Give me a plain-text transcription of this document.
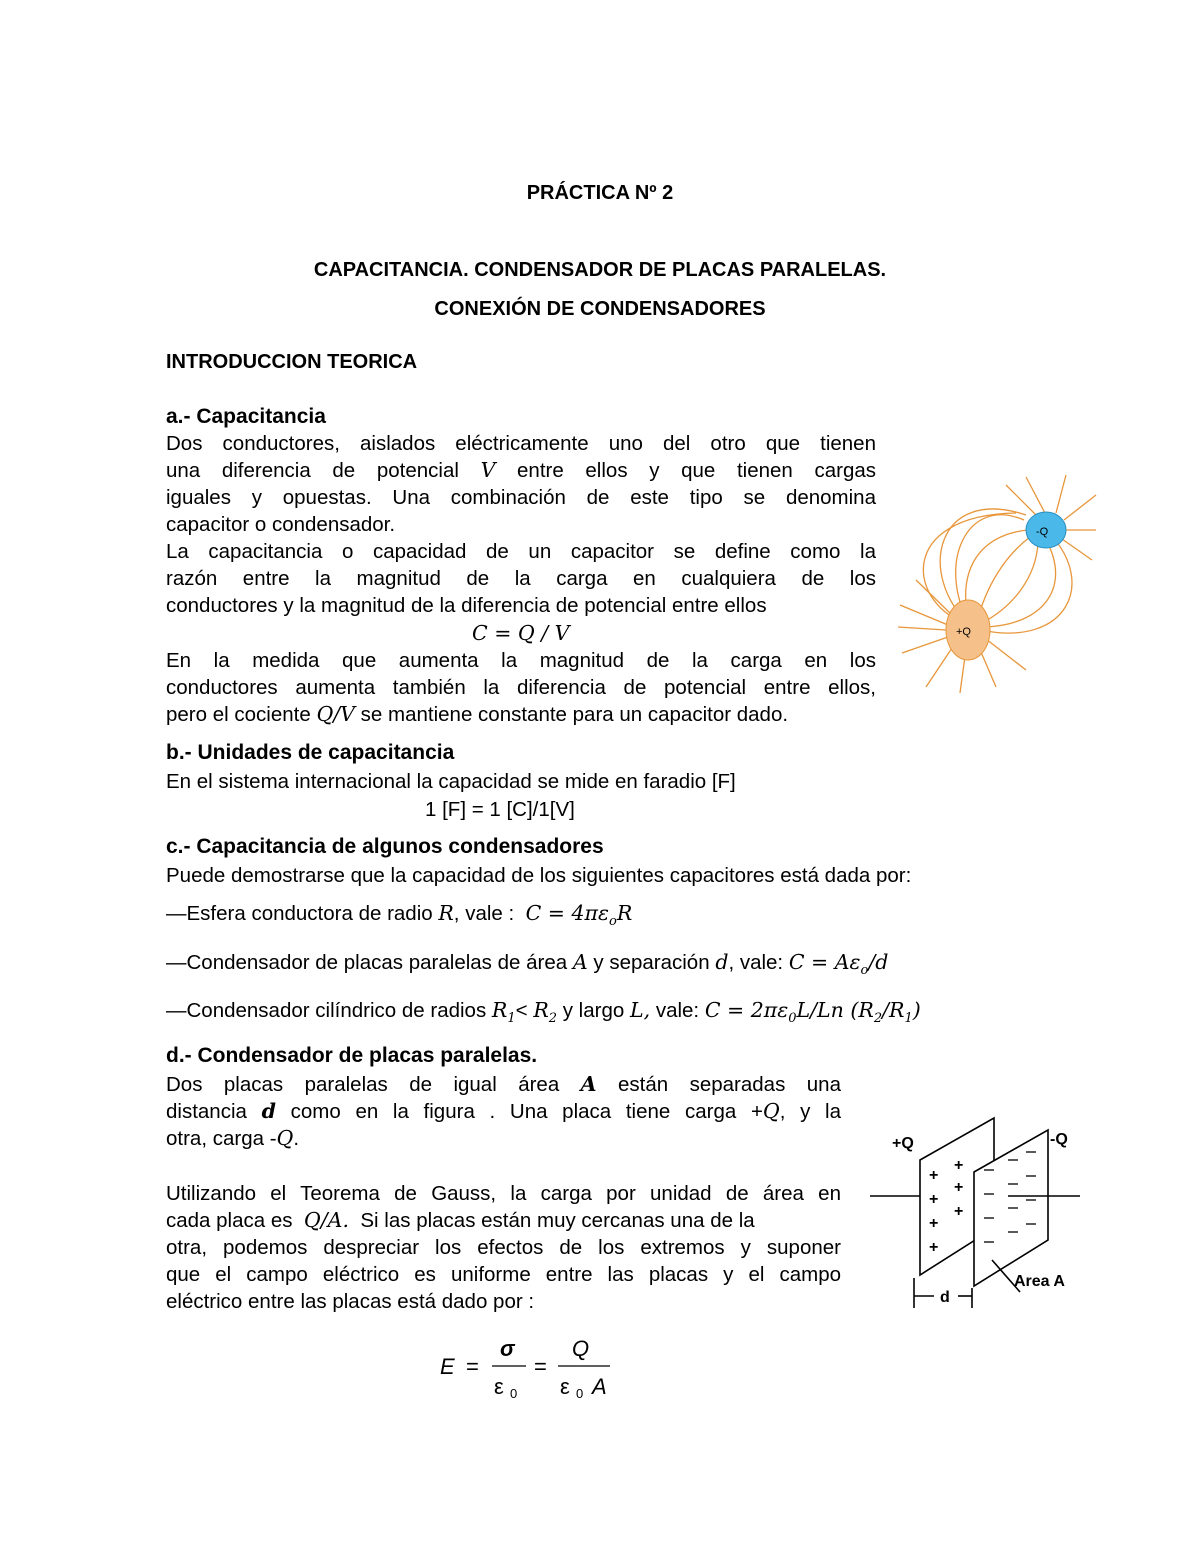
PRÁCTICA Nº 2
CAPACITANCIA. CONDENSADOR DE PLACAS PARALELAS.
CONEXIÓN DE CONDENSADORES
INTRODUCCION TEORICA
a.- Capacitancia
Dos conductores, aislados eléctricamente uno del otro que tienen
una diferencia de potencial V entre ellos y que tienen cargas
iguales y opuestas. Una combinación de este tipo se denomina
capacitor o condensador.
La capacitancia o capacidad de un capacitor se define como la
razón entre la magnitud de la carga en cualquiera de los
conductores y la magnitud de la diferencia de potencial entre ellos
C = Q / V
En la medida que aumenta la magnitud de la carga en los
conductores aumenta también la diferencia de potencial entre ellos,
pero el cociente Q/V se mantiene constante para un capacitor dado.
-Q
+Q
b.- Unidades de capacitancia
En el sistema internacional la capacidad se mide en faradio [F]
1 [F] = 1 [C]/1[V]
c.- Capacitancia de algunos condensadores
Puede demostrarse que la capacidad de los siguientes capacitores está dada por:
—Esfera conductora de radio R, vale : $C = 4\pi\varepsilon_oR$
—Condensador de placas paralelas de área A y separación d, vale: $C = A\varepsilon_o/d$
—Condensador cilíndrico de radios $R_1< R_2$ y largo L, vale: $C = 2\pi\varepsilon_0L/Ln$ $(R_2/R_1)$
d.- Condensador de placas paralelas.
Dos placas paralelas de igual área A están separadas una
distancia d como en la figura . Una placa tiene carga +Q, y la
otra, carga -Q.
Utilizando el Teorema de Gauss, la carga por unidad de área en
cada placa es Q/A. Si las placas están muy cercanas una de la
otra, podemos despreciar los efectos de los extremos y suponer
que el campo eléctrico es uniforme entre las placas y el campo
eléctrico entre las placas está dado por :
+
+
+
+
+
+
+
+Q	-Q
Area A
d
E =
σ
ε 0
=
Q
ε 0 A
